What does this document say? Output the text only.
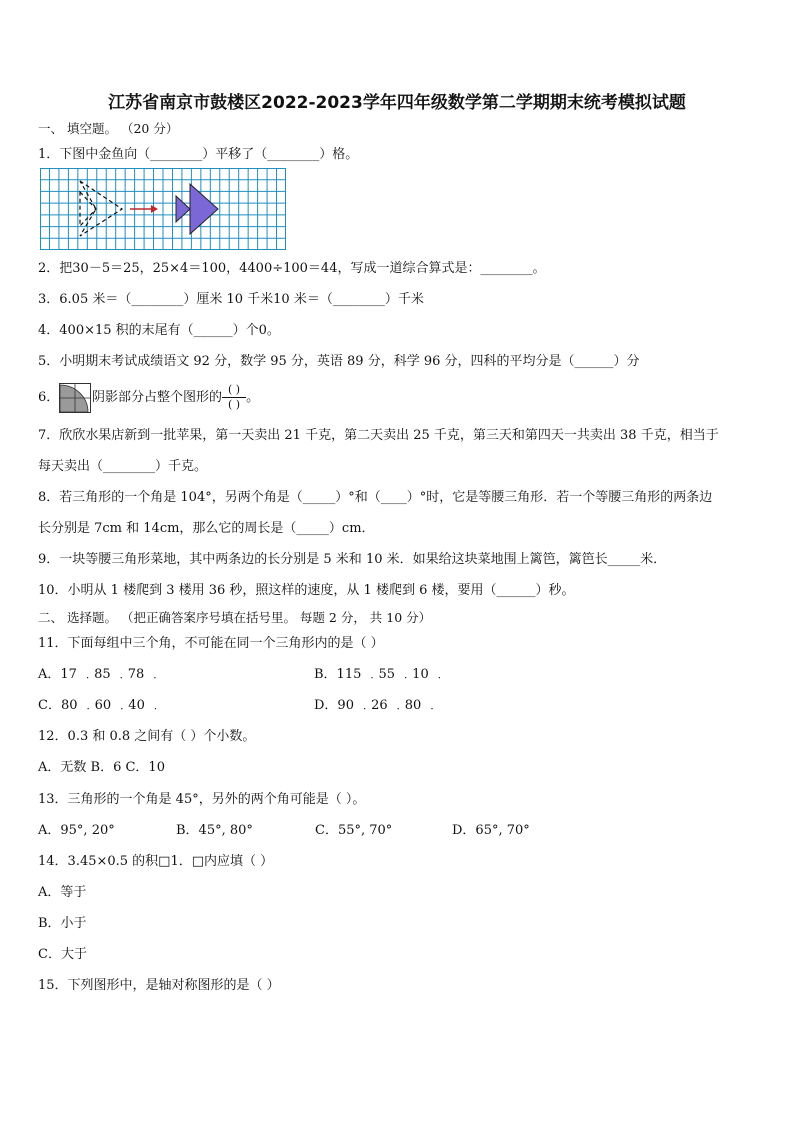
江苏省南京市鼓楼区2022-2023学年四年级数学第二学期期末统考模拟试题
一、 填空题。 （20 分）
1．下图中金鱼向（________）平移了（________）格。
2．把30－5＝25，25×4＝100，4400÷100＝44，写成一道综合算式是：________。
3．6.05 米＝（________）厘米 10 千米10 米＝（________）千米
4．400×15 积的末尾有（______）个0。
5．小明期末考试成绩语文 92 分，数学 95 分，英语 89 分，科学 96 分，四科的平均分是（______）分
6．	阴影部分占整个图形的 $\frac{( )}{( )}$ 。
7．欣欣水果店新到一批苹果，第一天卖出 21 千克，第二天卖出 25 千克，第三天和第四天一共卖出 38 千克，相当于
每天卖出（________）千克。
8．若三角形的一个角是 104°，另两个角是（_____）°和（____）°时，它是等腰三角形．若一个等腰三角形的两条边
长分别是 7cm 和 14cm，那么它的周长是（_____）cm．
9．一块等腰三角形菜地，其中两条边的长分别是 5 米和 10 米．如果给这块菜地围上篱笆，篱笆长_____米．
10．小明从 1 楼爬到 3 楼用 36 秒，照这样的速度，从 1 楼爬到 6 楼，要用（______）秒。
二、 选择题。 （把正确答案序号填在括号里。 每题 2 分， 共 10 分）
11．下面每组中三个角，不可能在同一个三角形内的是（ ）
A．17 ﹒85 ﹒78 ﹒	B．115 ﹒55 ﹒10 ﹒
C．80 ﹒60 ﹒40 ﹒	D．90 ﹒26 ﹒80 ﹒
12．0.3 和 0.8 之间有（ ）个小数。
A．无数 B．6 C．10
13．三角形的一个角是 45°，另外的两个角可能是（ ）。
A．95°, 20°	B．45°, 80°	C．55°, 70°	D．65°, 70°
14．3.45×0.5 的积□1．□内应填（ ）
A．等于
B．小于
C．大于
15．下列图形中，是轴对称图形的是（ ）
